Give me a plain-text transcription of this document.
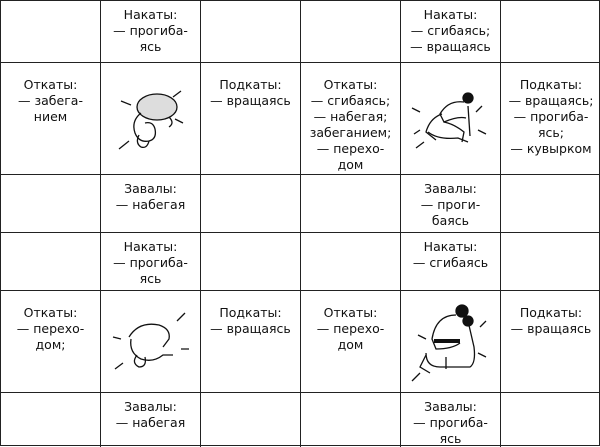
Накаты:
— прогиба-
ясь
Накаты:
— сгибаясь;
— вращаясь
Откаты:
— забега-
нием
Подкаты:
— вращаясь
Откаты:
— сгибаясь;
— набегая;
забеганием;
— перехо-
дом
Подкаты:
— вращаясь;
— прогиба-
ясь;
— кувырком
Завалы:
— набегая
Завалы:
— проги-
баясь
Накаты:
— прогиба-
ясь
Накаты:
— сгибаясь
Откаты:
— перехо-
дом;
Подкаты:
— вращаясь
Откаты:
— перехо-
дом
Подкаты:
— вращаясь
Завалы:
— набегая
Завалы:
— прогиба-
ясь
